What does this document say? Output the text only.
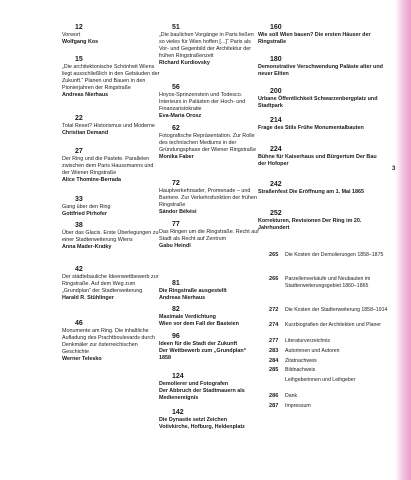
12
Vorwort
Wolfgang Kos
15
„Die architektonische Schönheit Wiens liegt ausschließlich in den Gebäuden der Zukunft.“ Planen und Bauen in den Pionierjahren der Ringstraße
Andreas Nierhaus
22
Total Reset? Historismus und Moderne
Christian Demand
27
Der Ring und die Pastete. Parallelen zwischen dem Paris Haussmanns und der Wiener Ringstraße
Alice Thomine-Berrada
33
Gang über den Ring
Gottfried Pirhofer
38
Über das Glacis. Erste Überlegungen zu einer Stadterweiterung Wiens
Anna Mader-Kratky
42
Der städtebauliche Ideenwettbewerb zur Ringstraße. Auf dem Weg zum „Grundplan“ der Stadterweiterung
Harald R. Stühlinger
46
Monumente am Ring. Die inhaltliche Aufladung des Prachtboulevards durch Denkmäler zur österreichischen Geschichte
Werner Telesko
51
„Die baulichen Vorgänge in Paris ließen so vieles für Wien hoffen [...]“ Paris als Vor- und Gegenbild der Architektur der frühen Ringstraßenzeit
Richard Kurdiovsky
56
Hoyos-Sprinzenstein und Todesco. Interieurs in Palästen der Hoch- und Finanzaristokratie
Eva-Maria Orosz
62
Fotografische Repräsentation. Zur Rolle des technischen Mediums in der Gründungsphase der Wiener Ringstraße
Monika Faber
72
Hauptverkehrsader, Promenade – und Barriere. Zur Verkehrsfunktion der frühen Ringstraße
Sándor Békési
77
Das Ringen um die Ringstraße. Recht auf Stadt als Recht auf Zentrum
Gabu Heindl
81
Die Ringstraße ausgestellt
Andreas Nierhaus
82
Maximale Verdichtung
Wien vor dem Fall der Basteien
96
Ideen für die Stadt der Zukunft
Der Wettbewerb zum „Grundplan“ 1858
124
Demolierer und Fotografen
Der Abbruch der Stadtmauern als Medienereignis
142
Die Dynastie setzt Zeichen
Votivkirche, Hofburg, Heldenplatz
160
Wie soll Wien bauen? Die ersten Häuser der Ringstraße
180
Demonstrative Verschwendung Paläste alter und neuer Eliten
200
Urbane Öffentlichkeit Schwarzenbergplatz und Stadtpark
214
Frage des Stils Frühe Monumentalbauten
224
Bühne für Kaiserhaus und Bürgertum Der Bau der Hofoper
242
Straßenfest Die Eröffnung am 1. Mai 1865
252
Korrekturen, Revisionen Der Ring im 20. Jahrhundert
265 Die Kosten der Demolierungen 1858–1875
266 Parzellenverkäufe und Neubauten im Stadterweiterungsgebiet 1860–1865
272 Die Kosten der Stadterweiterung 1858–1914
274 Kurzbiografien der Architekten und Planer
277 Literaturverzeichnis
283 Autorinnen und Autoren
284 Zitatnachweis
285 Bildnachweis
Leihgeberinnen und Leihgeber
286 Dank
287 Impressum
3
